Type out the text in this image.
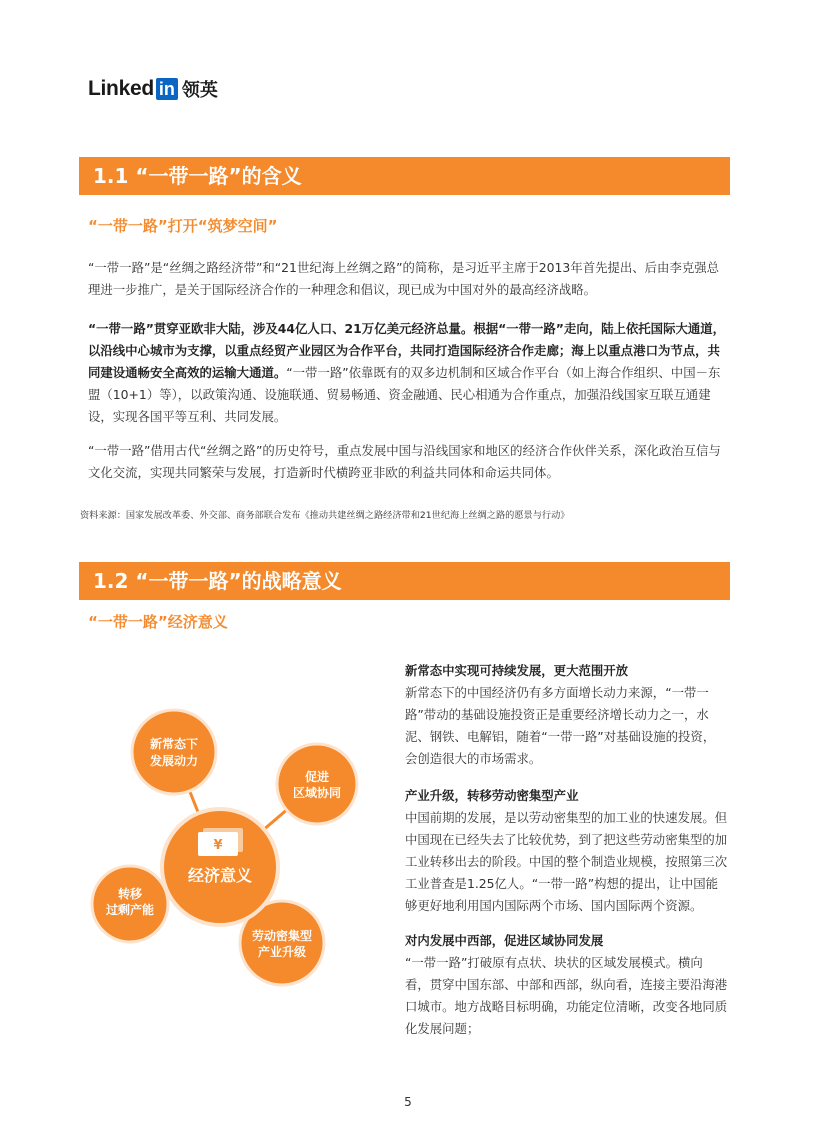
Linked in 领英
1.1 “一带一路”的含义
“一带一路”打开“筑梦空间”

“一带一路”是“丝绸之路经济带”和“21世纪海上丝绸之路”的简称，是习近平主席于2013年首先提出、后由李克强总理进一步推广，是关于国际经济合作的一种理念和倡议，现已成为中国对外的最高经济战略。

“一带一路”贯穿亚欧非大陆，涉及44亿人口、21万亿美元经济总量。根据“一带一路”走向，陆上依托国际大通道，以沿线中心城市为支撑，以重点经贸产业园区为合作平台，共同打造国际经济合作走廊；海上以重点港口为节点，共同建设通畅安全高效的运输大通道。“一带一路”依靠既有的双多边机制和区域合作平台（如上海合作组织、中国－东盟（10+1）等），以政策沟通、设施联通、贸易畅通、资金融通、民心相通为合作重点，加强沿线国家互联互通建设，实现各国平等互利、共同发展。

“一带一路”借用古代“丝绸之路”的历史符号，重点发展中国与沿线国家和地区的经济合作伙伴关系，深化政治互信与文化交流，实现共同繁荣与发展，打造新时代横跨亚非欧的利益共同体和命运共同体。

资料来源：国家发展改革委、外交部、商务部联合发布《推动共建丝绸之路经济带和21世纪海上丝绸之路的愿景与行动》
1.2 “一带一路”的战略意义
“一带一路”经济意义
新常态下
发展动力
促进
区域协同
转移
过剩产能
劳动密集型
产业升级
¥
经济意义

新常态中实现可持续发展，更大范围开放

新常态下的中国经济仍有多方面增长动力来源，“一带一

路”带动的基础设施投资正是重要经济增长动力之一，水

泥、钢铁、电解铝，随着“一带一路”对基础设施的投资，

会创造很大的市场需求。

产业升级，转移劳动密集型产业

中国前期的发展，是以劳动密集型的加工业的快速发展。但

中国现在已经失去了比较优势，到了把这些劳动密集型的加

工业转移出去的阶段。中国的整个制造业规模，按照第三次

工业普查是1.25亿人。“一带一路”构想的提出，让中国能

够更好地利用国内国际两个市场、国内国际两个资源。

对内发展中西部，促进区域协同发展

“一带一路”打破原有点状、块状的区域发展模式。横向

看，贯穿中国东部、中部和西部，纵向看，连接主要沿海港

口城市。地方战略目标明确，功能定位清晰，改变各地同质

化发展问题；

5
